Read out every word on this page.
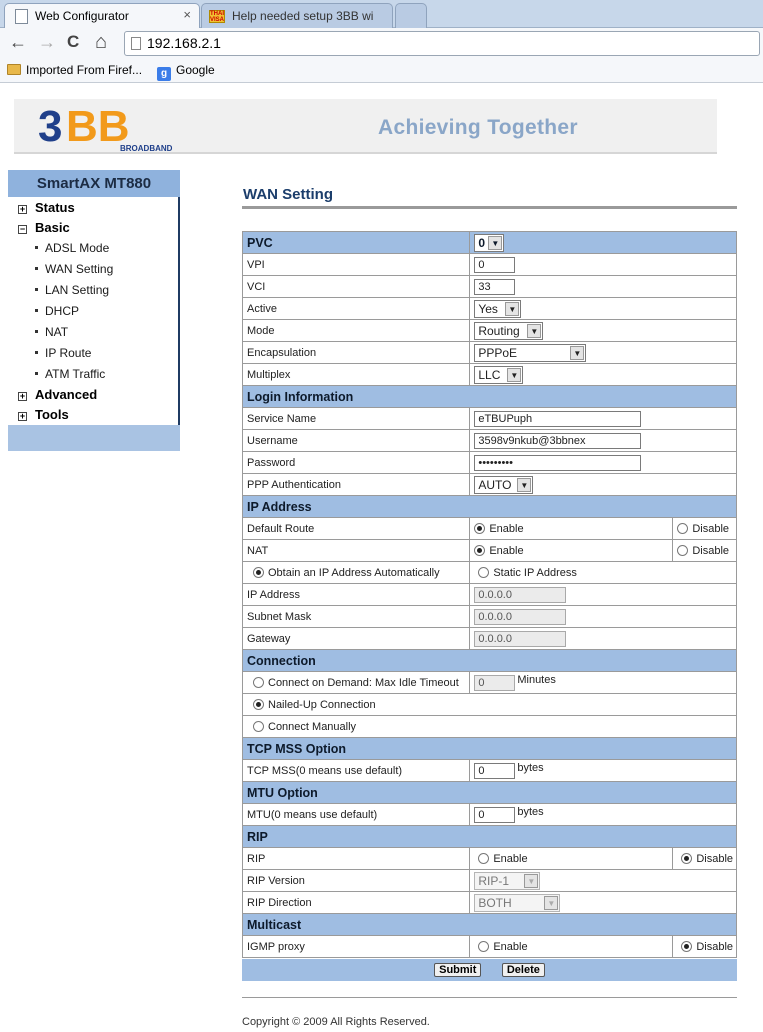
Web Configurator	×	THAI
VISA Help needed setup 3BB wi
← → C ⌂	192.168.2.1
Imported From Firef...	g Google
3 BB
BROADBAND
Achieving Together
SmartAX MT880
+ Status
− Basic
ADSL Mode
WAN Setting
LAN Setting
DHCP
NAT
IP Route
ATM Traffic
+ Advanced
+ Tools
WAN Setting
PVC	0 ▼	

VPI	0	
VCI	33	
Active	Yes ▼	

Mode	Routing ▼	

Encapsulation	PPPoE ▼	

Multiplex	LLC ▼	

Login Information		
Service Name	eTBUPuph	
Username	3598v9nkub@3bbnex	
Password	•••••••••	
PPP Authentication	AUTO ▼	

IP Address		
Default Route	Enable	Disable
NAT	Enable	Disable
Obtain an IP Address Automatically	Static IP Address	
IP Address	0.0.0.0	
Subnet Mask	0.0.0.0	
Gateway	0.0.0.0	
Connection		
Connect on Demand: Max Idle Timeout	0 Minutes	
Nailed-Up Connection		
Connect Manually		
TCP MSS Option		
TCP MSS(0 means use default)	0 bytes	
MTU Option		
MTU(0 means use default)	0 bytes	
RIP		
RIP	Enable	Disable
RIP Version	RIP-1 ▼	

RIP Direction	BOTH ▼	

Multicast		
IGMP proxy	Enable	Disable
Submit	Delete
Copyright © 2009 All Rights Reserved.
